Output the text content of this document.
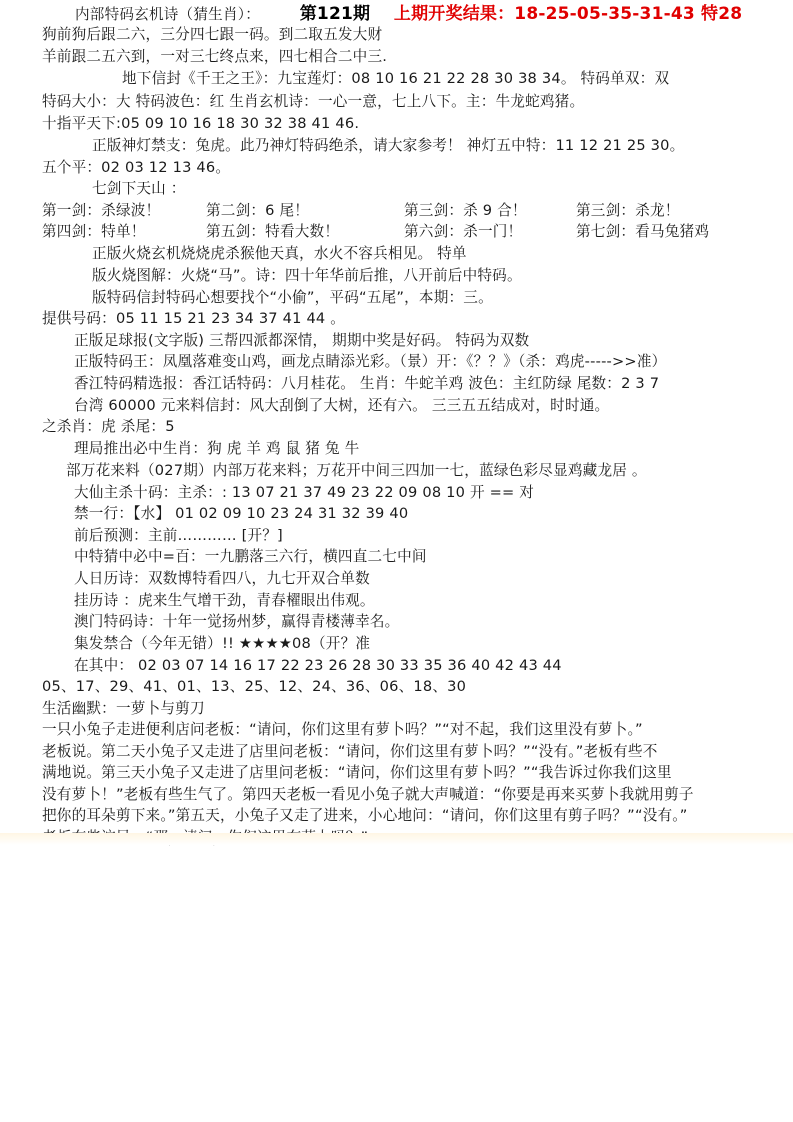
内部特码玄机诗（猜生肖）： 第121期 上期开奖结果：18-25-05-35-31-43 特28
狗前狗后跟二六，三分四七跟一码。到二取五发大财
羊前跟二五六到，一对三七终点来，四七相合二中三.
地下信封《千王之王》：九宝莲灯：08 10 16 21 22 28 30 38 34。 特码单双：双
特码大小：大 特码波色：红 生肖玄机诗：一心一意，七上八下。主：牛龙蛇鸡猪。
十指平天下:05 09 10 16 18 30 32 38 41 46.
正版神灯禁支：兔虎。此乃神灯特码绝杀，请大家参考！ 神灯五中特：11 12 21 25 30。
五个平：02 03 12 13 46。
七剑下天山 ：
第一剑：杀绿波！	第二剑：6 尾！	第三剑：杀 9 合！	第三剑：杀龙！
第四剑：特单！	第五剑：特看大数！	第六剑：杀一门！	第七剑：看马兔猪鸡
正版火烧玄机烧烧虎杀猴他天真，水火不容兵相见。 特单
版火烧图解：火烧“马”。诗：四十年华前后推，八开前后中特码。
版特码信封特码心想要找个“小偷”，平码“五尾”，本期：三。
提供号码：05 11 15 21 23 34 37 41 44 。
正版足球报(文字版) 三帮四派都深情， 期期中奖是好码。 特码为双数
正版特码王：凤凰落难变山鸡，画龙点睛添光彩。（景）开：《？？》（杀：鸡虎----->>准）
香江特码精选报：香江话特码：八月桂花。 生肖：牛蛇羊鸡 波色：主红防绿 尾数：2 3 7
台湾 60000 元来料信封：风大刮倒了大树，还有六。 三三五五结成对，时时通。
之杀肖：虎 杀尾：5
理局推出必中生肖：狗 虎 羊 鸡 鼠 猪 兔 牛
部万花来料（027期）内部万花来料；万花开中间三四加一七，蓝绿色彩尽显鸡藏龙居 。
大仙主杀十码：主杀：: 13 07 21 37 49 23 22 09 08 10 开 == 对
禁一行：【水】 01 02 09 10 23 24 31 32 39 40
前后预测：主前………… [开？]
中特猜中必中=百：一九鹏落三六行，横四直二七中间
人日历诗：双数博特看四八，九七开双合单数
挂历诗 ：虎来生气增干劲，青春櫂眼出伟观。
澳门特码诗：十年一觉扬州梦，赢得青楼薄幸名。
集发禁合（今年无错）!! ★★★★08（开？准
在其中： 02 03 07 14 16 17 22 23 26 28 30 33 35 36 40 42 43 44
05、17、29、41、01、13、25、12、24、36、06、18、30
生活幽默：一萝卜与剪刀
一只小兔子走进便利店问老板：“请问，你们这里有萝卜吗？”“对不起，我们这里没有萝卜。”
老板说。第二天小兔子又走进了店里问老板：“请问，你们这里有萝卜吗？”“没有。”老板有些不
满地说。第三天小兔子又走进了店里问老板：“请问，你们这里有萝卜吗？”“我告诉过你我们这里
没有萝卜！”老板有些生气了。第四天老板一看见小兔子就大声喊道：“你要是再来买萝卜我就用剪子
把你的耳朵剪下来。”第五天，小兔子又走了进来，小心地问：“请问，你们这里有剪子吗？”“没有。”
